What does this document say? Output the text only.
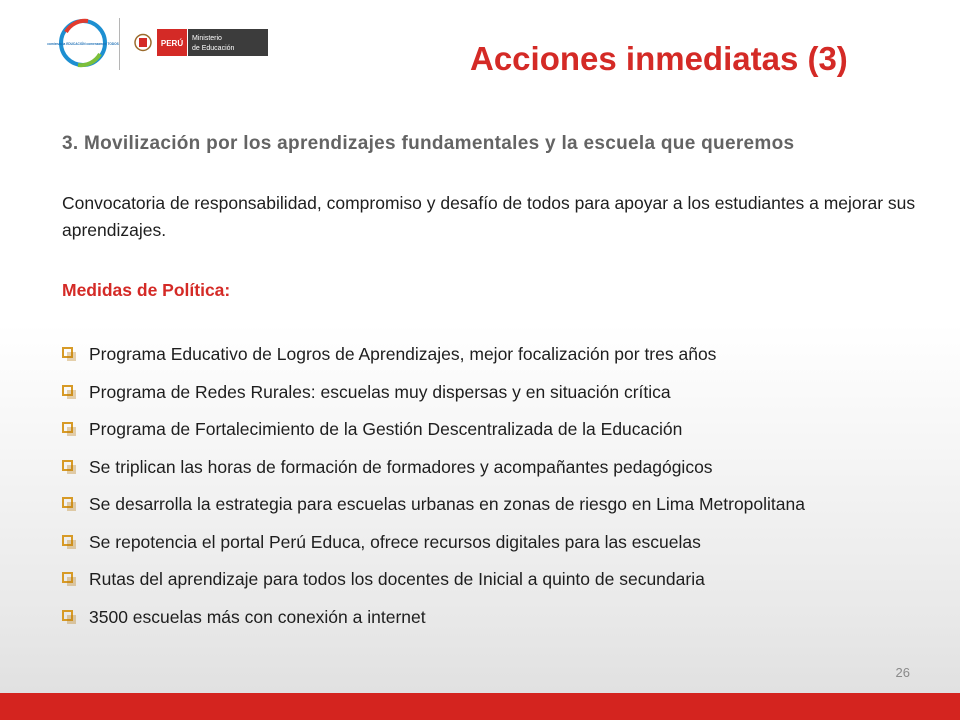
comienza la EDUCACIÓN comenzamos TODOS	PERÚ
Ministerio
de Educación	Acciones inmediatas (3)
3. Movilización por los aprendizajes fundamentales y la escuela que queremos
Convocatoria de responsabilidad, compromiso y desafío de todos para apoyar a los estudiantes a mejorar sus aprendizajes.
Medidas de Política:
Programa Educativo de Logros de Aprendizajes, mejor focalización por tres años
Programa de Redes Rurales: escuelas muy dispersas y en situación crítica
Programa de Fortalecimiento de la Gestión Descentralizada de la Educación
Se triplican las horas de formación de formadores y acompañantes pedagógicos
Se desarrolla la estrategia para escuelas urbanas en zonas de riesgo en Lima Metropolitana
Se repotencia el portal Perú Educa, ofrece recursos digitales para las escuelas
Rutas del aprendizaje para todos los docentes de Inicial a quinto de secundaria
3500 escuelas más con conexión a internet
26
